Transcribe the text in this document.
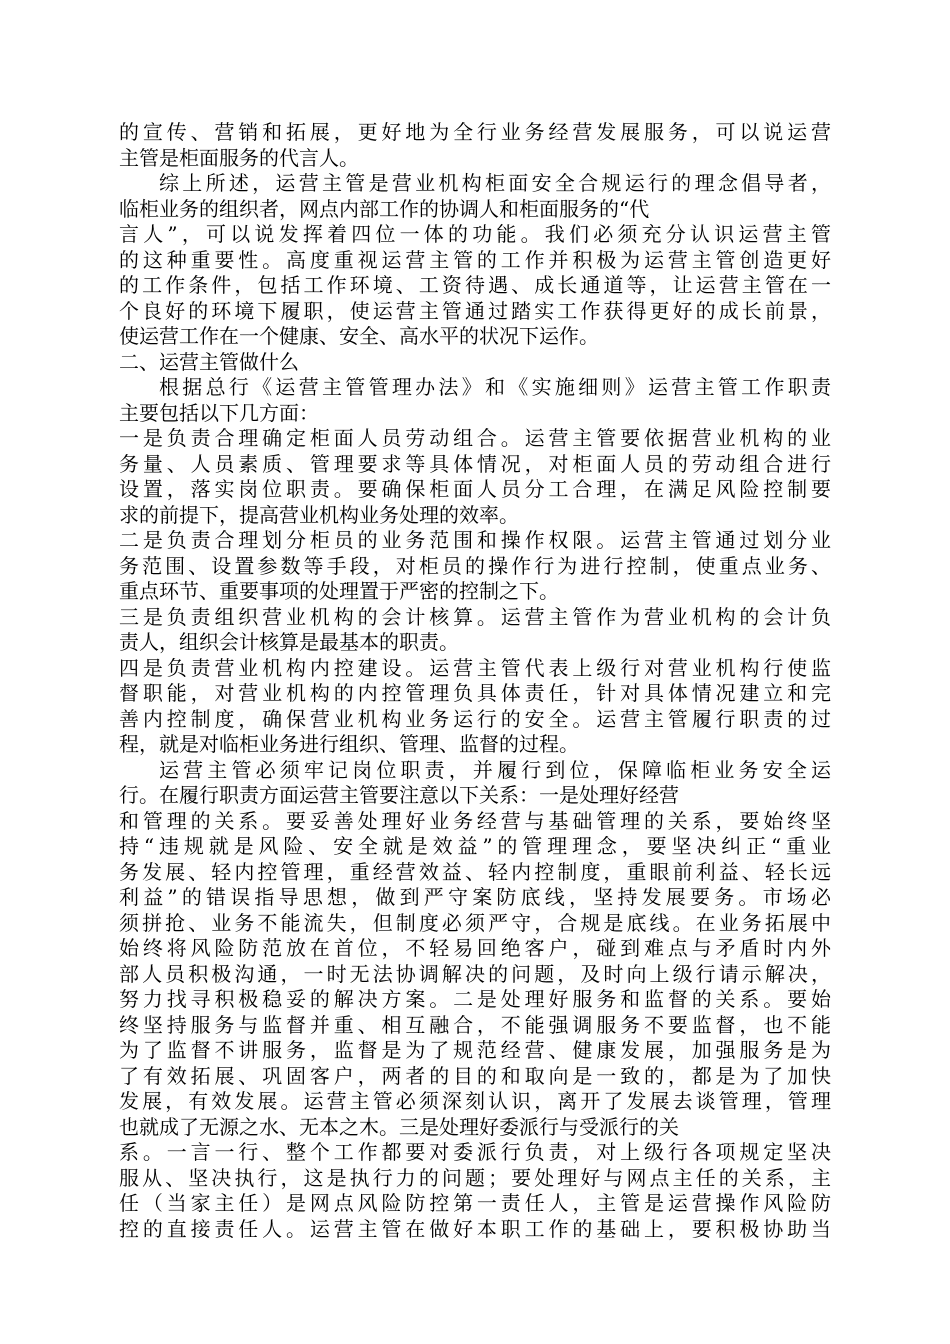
的宣传、营销和拓展，更好地为全行业务经营发展服务，可以说运营
主管是柜面服务的代言人。
综上所述，运营主管是营业机构柜面安全合规运行的理念倡导者，
临柜业务的组织者，网点内部工作的协调人和柜面服务的“代
言人”，可以说发挥着四位一体的功能。我们必须充分认识运营主管
的这种重要性。高度重视运营主管的工作并积极为运营主管创造更好
的工作条件，包括工作环境、工资待遇、成长通道等，让运营主管在一
个良好的环境下履职，使运营主管通过踏实工作获得更好的成长前景，
使运营工作在一个健康、安全、高水平的状况下运作。
二、运营主管做什么
根据总行《运营主管管理办法》和《实施细则》运营主管工作职责
主要包括以下几方面：
一是负责合理确定柜面人员劳动组合。运营主管要依据营业机构的业
务量、人员素质、管理要求等具体情况，对柜面人员的劳动组合进行
设置，落实岗位职责。要确保柜面人员分工合理，在满足风险控制要
求的前提下，提高营业机构业务处理的效率。
二是负责合理划分柜员的业务范围和操作权限。运营主管通过划分业
务范围、设置参数等手段，对柜员的操作行为进行控制，使重点业务、
重点环节、重要事项的处理置于严密的控制之下。
三是负责组织营业机构的会计核算。运营主管作为营业机构的会计负
责人，组织会计核算是最基本的职责。
四是负责营业机构内控建设。运营主管代表上级行对营业机构行使监
督职能，对营业机构的内控管理负具体责任，针对具体情况建立和完
善内控制度，确保营业机构业务运行的安全。运营主管履行职责的过
程，就是对临柜业务进行组织、管理、监督的过程。
运营主管必须牢记岗位职责，并履行到位，保障临柜业务安全运
行。在履行职责方面运营主管要注意以下关系：一是处理好经营
和管理的关系。要妥善处理好业务经营与基础管理的关系，要始终坚
持“违规就是风险、安全就是效益”的管理理念，要坚决纠正“重业
务发展、轻内控管理，重经营效益、轻内控制度，重眼前利益、轻长远
利益”的错误指导思想，做到严守案防底线，坚持发展要务。市场必
须拼抢、业务不能流失，但制度必须严守，合规是底线。在业务拓展中
始终将风险防范放在首位，不轻易回绝客户，碰到难点与矛盾时内外
部人员积极沟通，一时无法协调解决的问题，及时向上级行请示解决，
努力找寻积极稳妥的解决方案。二是处理好服务和监督的关系。要始
终坚持服务与监督并重、相互融合，不能强调服务不要监督，也不能
为了监督不讲服务，监督是为了规范经营、健康发展，加强服务是为
了有效拓展、巩固客户，两者的目的和取向是一致的，都是为了加快
发展，有效发展。运营主管必须深刻认识，离开了发展去谈管理，管理
也就成了无源之水、无本之木。三是处理好委派行与受派行的关
系。一言一行、整个工作都要对委派行负责，对上级行各项规定坚决
服从、坚决执行，这是执行力的问题；要处理好与网点主任的关系，主
任（当家主任）是网点风险防控第一责任人，主管是运营操作风险防
控的直接责任人。运营主管在做好本职工作的基础上，要积极协助当
